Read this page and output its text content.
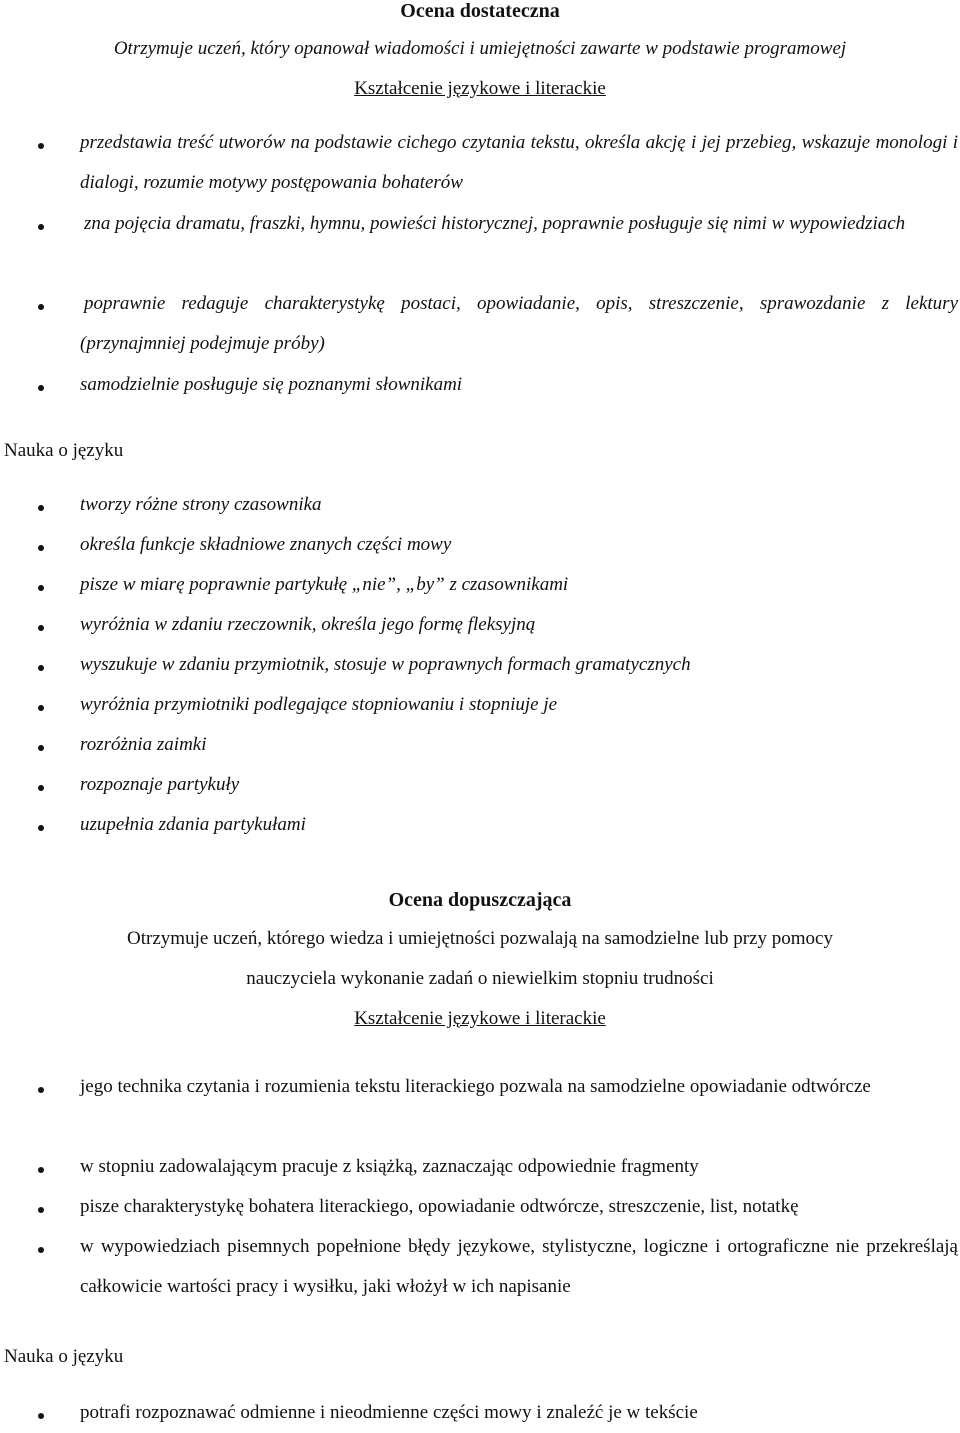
Ocena dostateczna

Otrzymuje uczeń, który opanował wiadomości i umiejętności zawarte w podstawie programowej

Kształcenie językowe i literackie

przedstawia treść utworów na podstawie cichego czytania tekstu, określa akcję i jej przebieg, wskazuje monologi i dialogi, rozumie motywy postępowania bohaterów
zna pojęcia dramatu, fraszki, hymnu, powieści historycznej, poprawnie posługuje się nimi w wypowiedziach
poprawnie redaguje charakterystykę postaci, opowiadanie, opis, streszczenie, sprawozdanie z lektury (przynajmniej podejmuje próby)
samodzielnie posługuje się poznanymi słownikami

Nauka o języku

tworzy różne strony czasownika
określa funkcje składniowe znanych części mowy
pisze w miarę poprawnie partykułę „nie”, „by” z czasownikami
wyróżnia w zdaniu rzeczownik, określa jego formę fleksyjną
wyszukuje w zdaniu przymiotnik, stosuje w poprawnych formach gramatycznych
wyróżnia przymiotniki podlegające stopniowaniu i stopniuje je
rozróżnia zaimki
rozpoznaje partykuły
uzupełnia zdania partykułami
Ocena dopuszczająca

Otrzymuje uczeń, którego wiedza i umiejętności pozwalają na samodzielne lub przy pomocy

nauczyciela wykonanie zadań o niewielkim stopniu trudności

Kształcenie językowe i literackie

jego technika czytania i rozumienia tekstu literackiego pozwala na samodzielne opowiadanie odtwórcze
w stopniu zadowalającym pracuje z książką, zaznaczając odpowiednie fragmenty
pisze charakterystykę bohatera literackiego, opowiadanie odtwórcze, streszczenie, list, notatkę
w wypowiedziach pisemnych popełnione błędy językowe, stylistyczne, logiczne i ortograficzne nie przekreślają całkowicie wartości pracy i wysiłku, jaki włożył w ich napisanie

Nauka o języku

potrafi rozpoznawać odmienne i nieodmienne części mowy i znaleźć je w tekście
